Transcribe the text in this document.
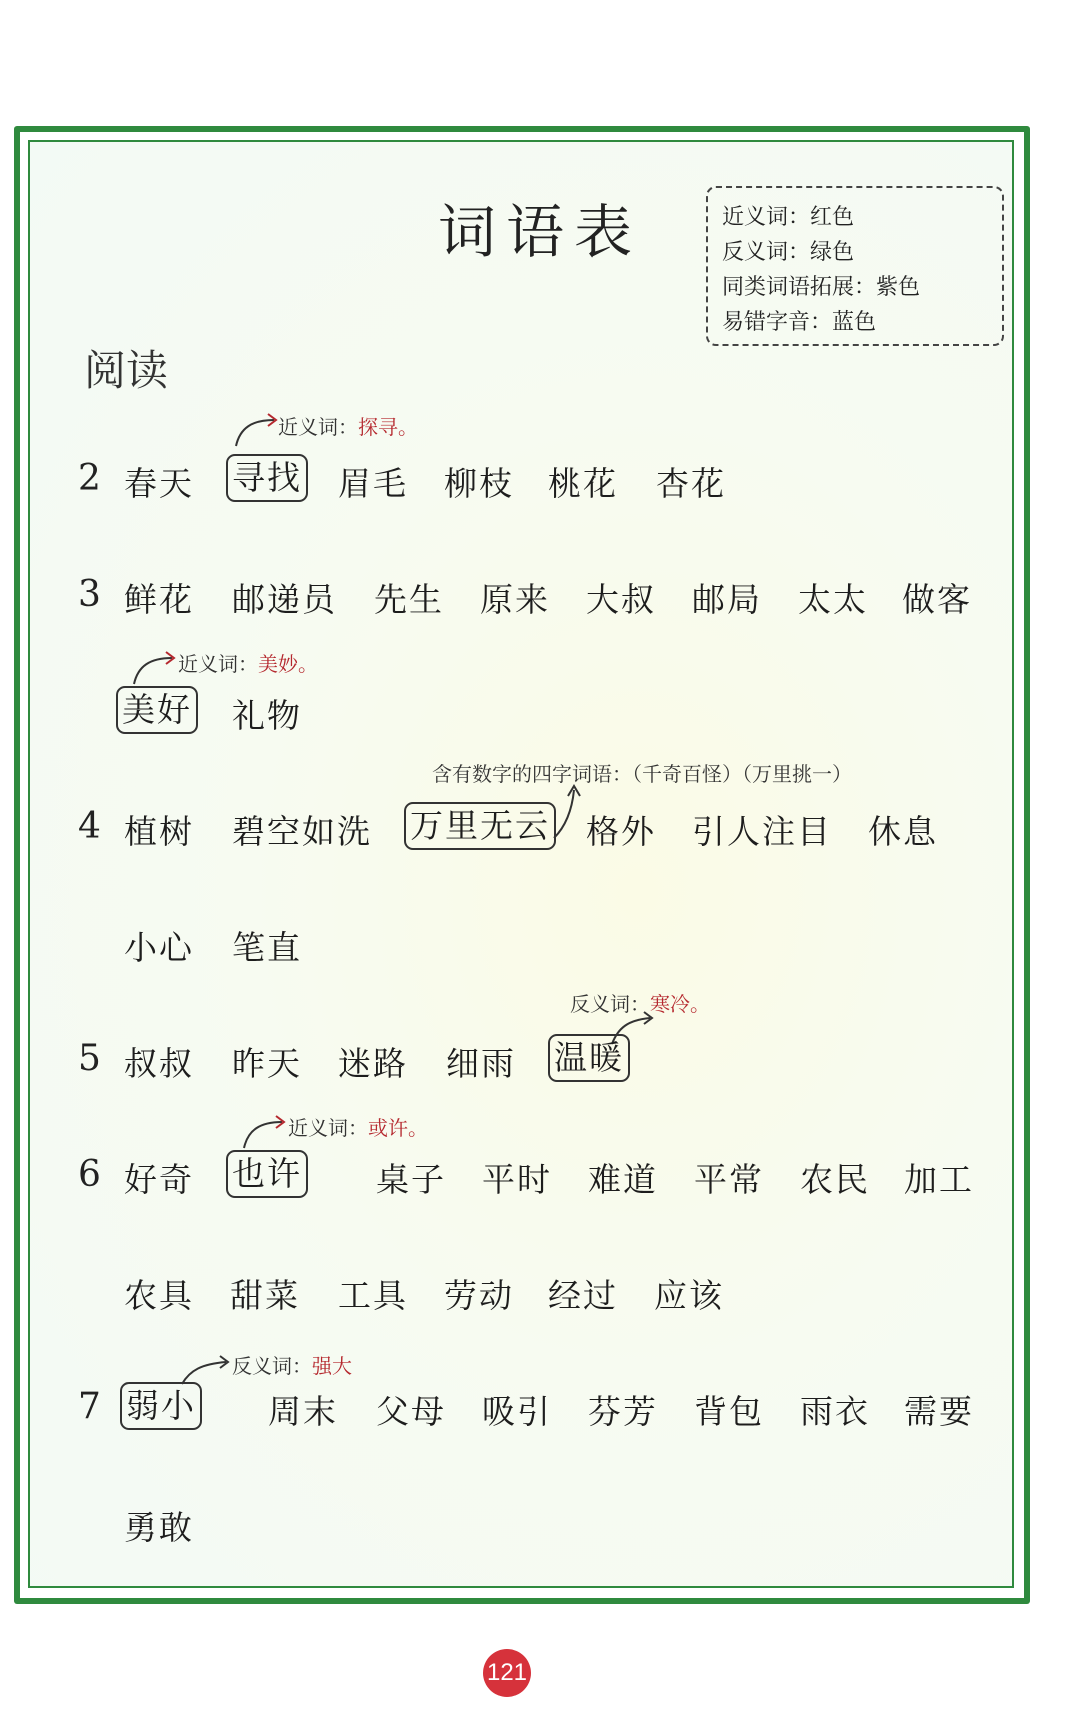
词语表	近义词：红色
反义词：绿色
同类词语拓展：紫色
易错字音：蓝色
阅读
近义词：探寻。
2 春天 寻找 眉毛 柳枝 桃花 杏花
3 鲜花 邮递员 先生 原来 大叔 邮局 太太 做客
近义词：美妙。
美好 礼物
含有数字的四字词语：（千奇百怪）（万里挑一）
4 植树 碧空如洗 万里无云 格外 引人注目 休息
小心 笔直
反义词：寒冷。
5 叔叔 昨天 迷路 细雨 温暖
近义词：或许。
6 好奇 也许 桌子 平时 难道 平常 农民 加工
农具 甜菜 工具 劳动 经过 应该
反义词：强大
7 弱小 周末 父母 吸引 芬芳 背包 雨衣 需要
勇敢
121
